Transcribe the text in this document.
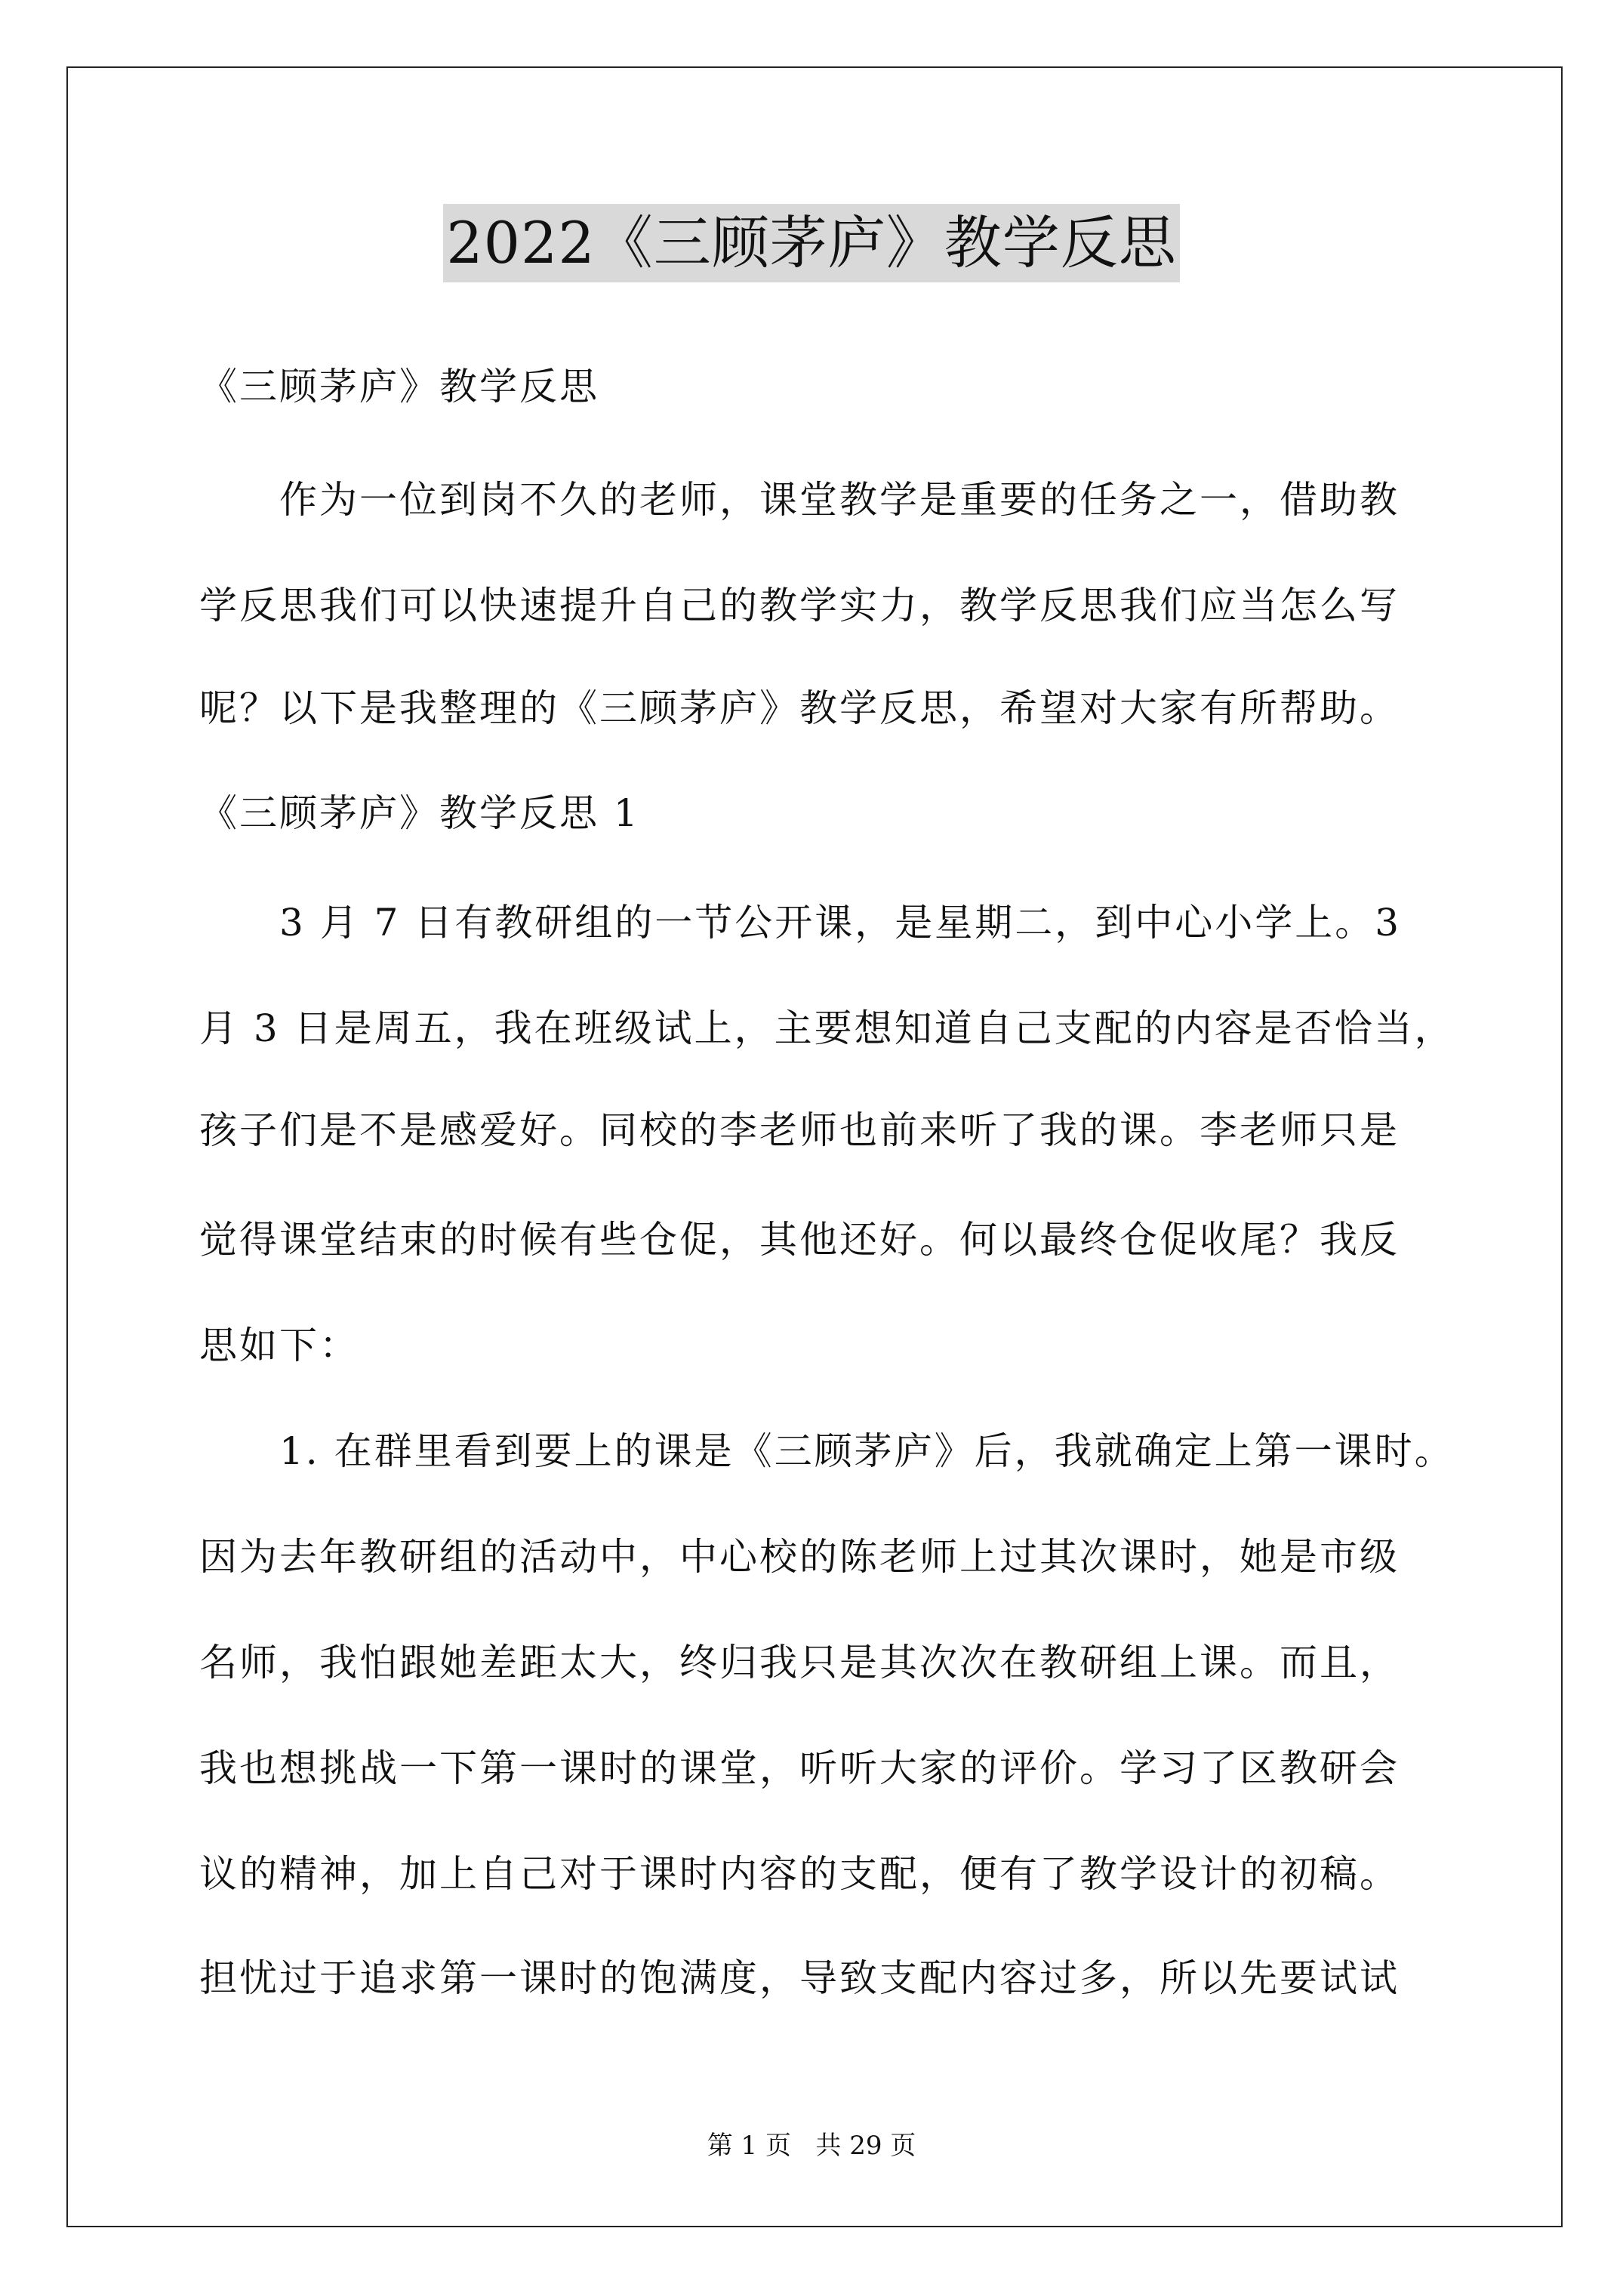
2022《三顾茅庐》教学反思
《三顾茅庐》教学反思
作为一位到岗不久的老师，课堂教学是重要的任务之一，借助教
学反思我们可以快速提升自己的教学实力，教学反思我们应当怎么写
呢？以下是我整理的《三顾茅庐》教学反思，希望对大家有所帮助。
《三顾茅庐》教学反思 1
3 月 7 日有教研组的一节公开课，是星期二，到中心小学上。3
月 3 日是周五，我在班级试上，主要想知道自己支配的内容是否恰当，
孩子们是不是感爱好。同校的李老师也前来听了我的课。李老师只是
觉得课堂结束的时候有些仓促，其他还好。何以最终仓促收尾？我反
思如下：
1. 在群里看到要上的课是《三顾茅庐》后，我就确定上第一课时。
因为去年教研组的活动中，中心校的陈老师上过其次课时，她是市级
名师，我怕跟她差距太大，终归我只是其次次在教研组上课。而且，
我也想挑战一下第一课时的课堂，听听大家的评价。学习了区教研会
议的精神，加上自己对于课时内容的支配，便有了教学设计的初稿。
担忧过于追求第一课时的饱满度，导致支配内容过多，所以先要试试
第 1 页   共 29 页
